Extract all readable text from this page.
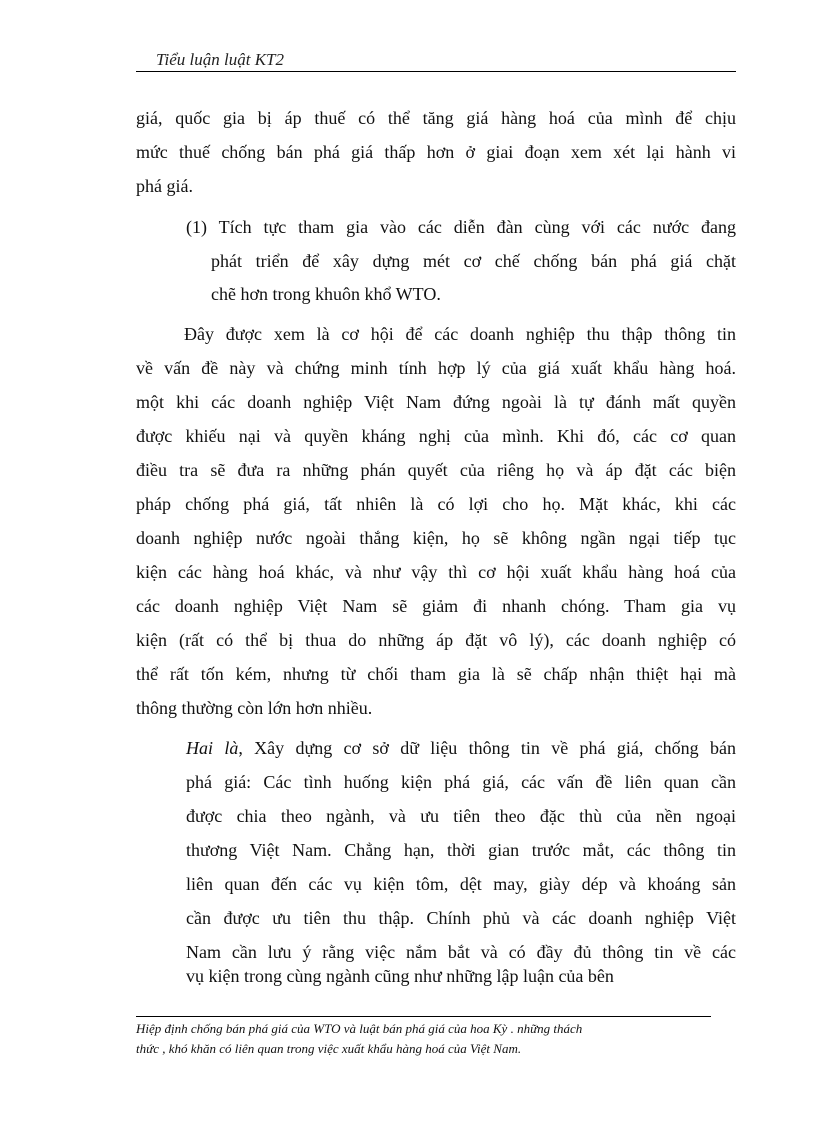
Tiểu luận luật KT2
giá, quốc gia bị áp thuế có thể tăng giá hàng hoá của mình để chịu
mức thuế chống bán phá giá thấp hơn ở giai đoạn xem xét lại hành vi
phá giá.
(1) Tích tực tham gia vào các diễn đàn cùng với các nước đang
phát triển để xây dựng mét cơ chế chống bán phá giá chặt
chẽ hơn trong khuôn khổ WTO.
Đây được xem là cơ hội để các doanh nghiệp thu thập thông tin
về vấn đề này và chứng minh tính hợp lý của giá xuất khẩu hàng hoá.
một khi các doanh nghiệp Việt Nam đứng ngoài là tự đánh mất quyền
được khiếu nại và quyền kháng nghị của mình. Khi đó, các cơ quan
điều tra sẽ đưa ra những phán quyết của riêng họ và áp đặt các biện
pháp chống phá giá, tất nhiên là có lợi cho họ. Mặt khác, khi các
doanh nghiệp nước ngoài thắng kiện, họ sẽ không ngần ngại tiếp tục
kiện các hàng hoá khác, và như vậy thì cơ hội xuất khẩu hàng hoá của
các doanh nghiệp Việt Nam sẽ giảm đi nhanh chóng. Tham gia vụ
kiện (rất có thể bị thua do những áp đặt vô lý), các doanh nghiệp có
thể rất tốn kém, nhưng từ chối tham gia là sẽ chấp nhận thiệt hại mà
thông thường còn lớn hơn nhiều.
Hai là, Xây dựng cơ sở dữ liệu thông tin về phá giá, chống bán
phá giá: Các tình huống kiện phá giá, các vấn đề liên quan cần
được chia theo ngành, và ưu tiên theo đặc thù của nền ngoại
thương Việt Nam. Chẳng hạn, thời gian trước mắt, các thông tin
liên quan đến các vụ kiện tôm, dệt may, giày dép và khoáng sản
cần được ưu tiên thu thập. Chính phủ và các doanh nghiệp Việt
Nam cần lưu ý rằng việc nắm bắt và có đầy đủ thông tin về các
vụ kiện trong cùng ngành cũng như những lập luận của bên
Hiệp định chống bán phá giá của WTO và luật bán phá giá của hoa Kỳ . những thách
thức , khó khăn có liên quan trong việc xuất khẩu hàng hoá của Việt Nam.
